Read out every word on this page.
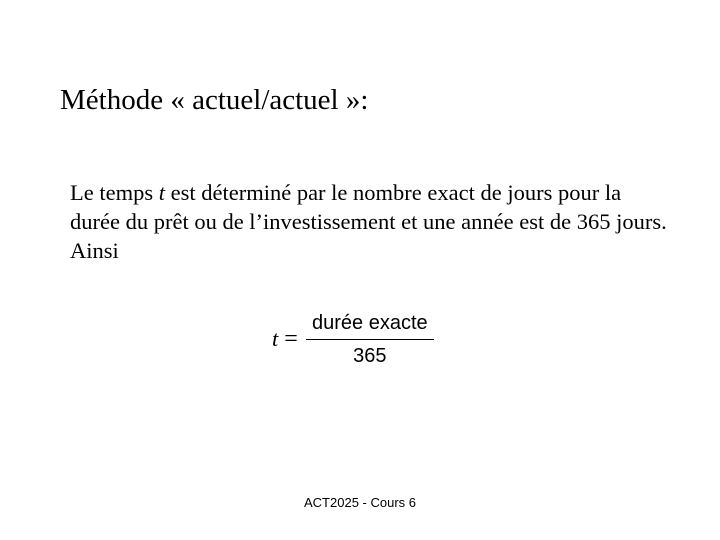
Méthode « actuel/actuel »:
Le temps t est déterminé par le nombre exact de jours pour la durée du prêt ou de l’investissement et une année est de 365 jours. Ainsi
$t = \frac{\text{durée exacte}}{365}$
ACT2025 - Cours 6
